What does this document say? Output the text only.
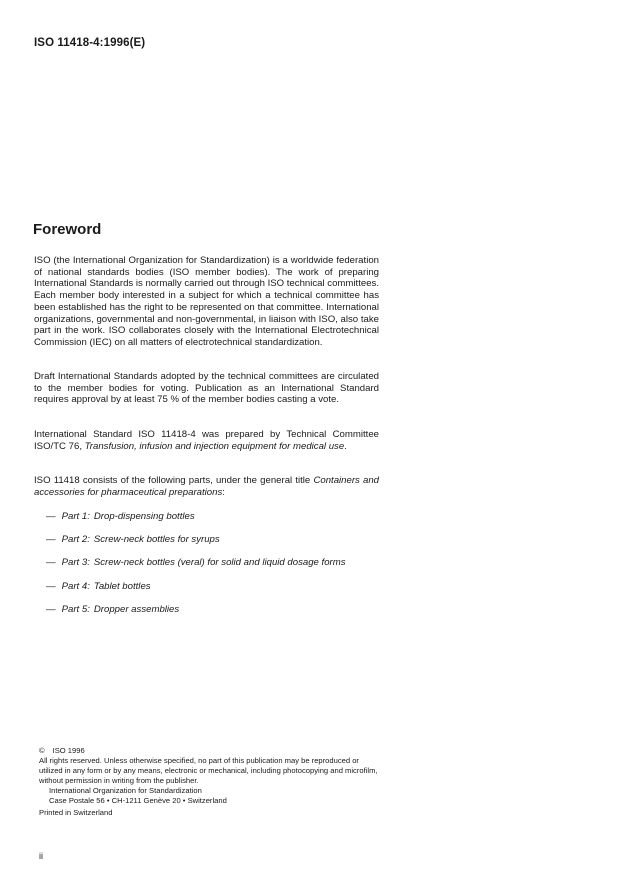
ISO 11418-4:1996(E)
Foreword

ISO (the International Organization for Standardization) is a worldwide federation of national standards bodies (ISO member bodies). The work of preparing International Standards is normally carried out through ISO technical committees. Each member body interested in a subject for which a technical committee has been established has the right to be represented on that committee. International organizations, governmental and non-governmental, in liaison with ISO, also take part in the work. ISO collaborates closely with the International Electrotechnical Commission (IEC) on all matters of electrotechnical standardization.

Draft International Standards adopted by the technical committees are circulated to the member bodies for voting. Publication as an International Standard requires approval by at least 75 % of the member bodies casting a vote.

International Standard ISO 11418-4 was prepared by Technical Committee ISO/TC 76, Transfusion, infusion and injection equipment for medical use.

ISO 11418 consists of the following parts, under the general title Containers and accessories for pharmaceutical preparations:

— Part 1: Drop-dispensing bottles
— Part 2: Screw-neck bottles for syrups
— Part 3: Screw-neck bottles (veral) for solid and liquid dosage forms
— Part 4: Tablet bottles
— Part 5: Dropper assemblies
© ISO 1996
All rights reserved. Unless otherwise specified, no part of this publication may be reproduced or utilized in any form or by any means, electronic or mechanical, including photocopying and microfilm, without permission in writing from the publisher.
International Organization for Standardization
Case Postale 56 • CH-1211 Genève 20 • Switzerland
Printed in Switzerland
ii
